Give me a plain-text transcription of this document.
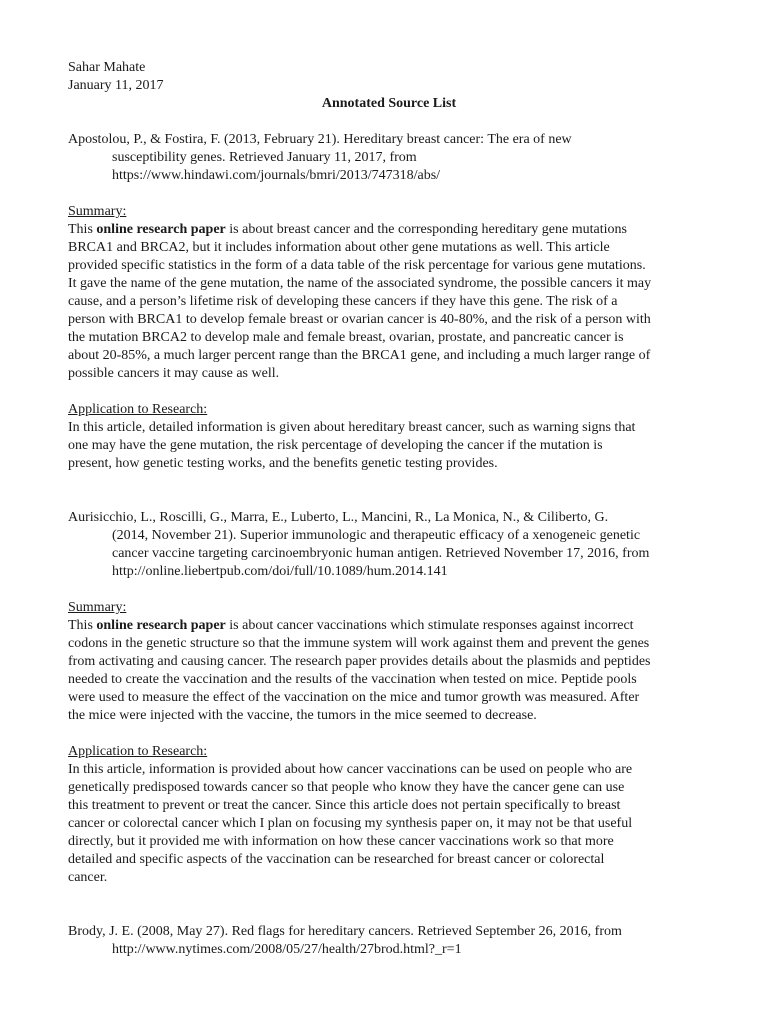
Sahar Mahate
January 11, 2017

Annotated Source List

Apostolou, P., & Fostira, F. (2013, February 21). Hereditary breast cancer: The era of new
susceptibility genes. Retrieved January 11, 2017, from
https://www.hindawi.com/journals/bmri/2013/747318/abs/
Summary:
This online research paper is about breast cancer and the corresponding hereditary gene mutations
BRCA1 and BRCA2, but it includes information about other gene mutations as well. This article
provided specific statistics in the form of a data table of the risk percentage for various gene mutations.
It gave the name of the gene mutation, the name of the associated syndrome, the possible cancers it may
cause, and a person’s lifetime risk of developing these cancers if they have this gene. The risk of a
person with BRCA1 to develop female breast or ovarian cancer is 40-80%, and the risk of a person with
the mutation BRCA2 to develop male and female breast, ovarian, prostate, and pancreatic cancer is
about 20-85%, a much larger percent range than the BRCA1 gene, and including a much larger range of
possible cancers it may cause as well.
Application to Research:
In this article, detailed information is given about hereditary breast cancer, such as warning signs that
one may have the gene mutation, the risk percentage of developing the cancer if the mutation is
present, how genetic testing works, and the benefits genetic testing provides.
Aurisicchio, L., Roscilli, G., Marra, E., Luberto, L., Mancini, R., La Monica, N., & Ciliberto, G.
(2014, November 21). Superior immunologic and therapeutic efficacy of a xenogeneic genetic
cancer vaccine targeting carcinoembryonic human antigen. Retrieved November 17, 2016, from
http://online.liebertpub.com/doi/full/10.1089/hum.2014.141
Summary:
This online research paper is about cancer vaccinations which stimulate responses against incorrect
codons in the genetic structure so that the immune system will work against them and prevent the genes
from activating and causing cancer. The research paper provides details about the plasmids and peptides
needed to create the vaccination and the results of the vaccination when tested on mice. Peptide pools
were used to measure the effect of the vaccination on the mice and tumor growth was measured. After
the mice were injected with the vaccine, the tumors in the mice seemed to decrease.
Application to Research:
In this article, information is provided about how cancer vaccinations can be used on people who are
genetically predisposed towards cancer so that people who know they have the cancer gene can use
this treatment to prevent or treat the cancer. Since this article does not pertain specifically to breast
cancer or colorectal cancer which I plan on focusing my synthesis paper on, it may not be that useful
directly, but it provided me with information on how these cancer vaccinations work so that more
detailed and specific aspects of the vaccination can be researched for breast cancer or colorectal
cancer.
Brody, J. E. (2008, May 27). Red flags for hereditary cancers. Retrieved September 26, 2016, from
http://www.nytimes.com/2008/05/27/health/27brod.html?_r=1
